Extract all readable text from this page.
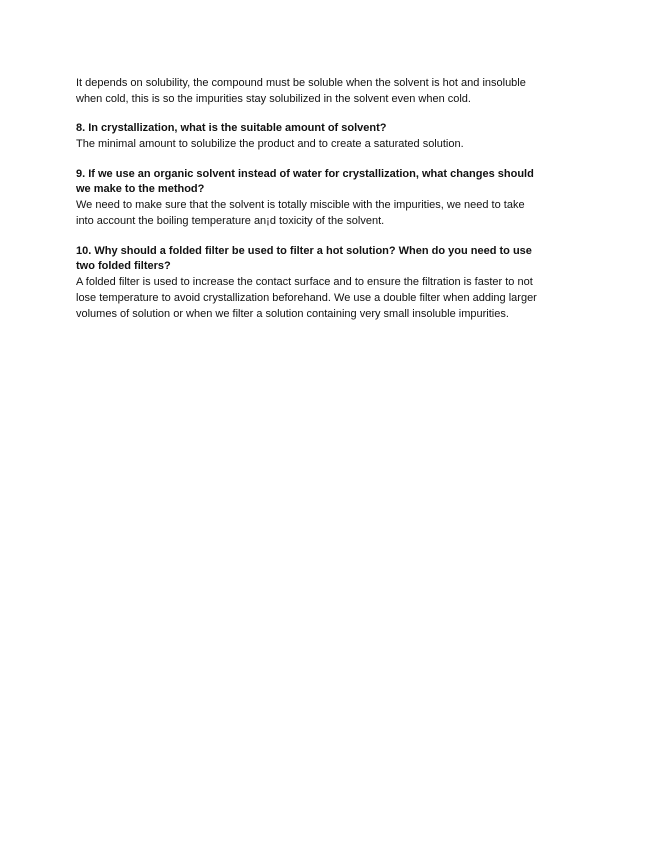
It depends on solubility, the compound must be soluble when the solvent is hot and insoluble
when cold, this is so the impurities stay solubilized in the solvent even when cold.

8. In crystallization, what is the suitable amount of solvent?

The minimal amount to solubilize the product and to create a saturated solution.

9. If we use an organic solvent instead of water for crystallization, what changes should
we make to the method?

We need to make sure that the solvent is totally miscible with the impurities, we need to take
into account the boiling temperature an¡d toxicity of the solvent.

10. Why should a folded filter be used to filter a hot solution? When do you need to use
two folded filters?

A folded filter is used to increase the contact surface and to ensure the filtration is faster to not
lose temperature to avoid crystallization beforehand. We use a double filter when adding larger
volumes of solution or when we filter a solution containing very small insoluble impurities.
